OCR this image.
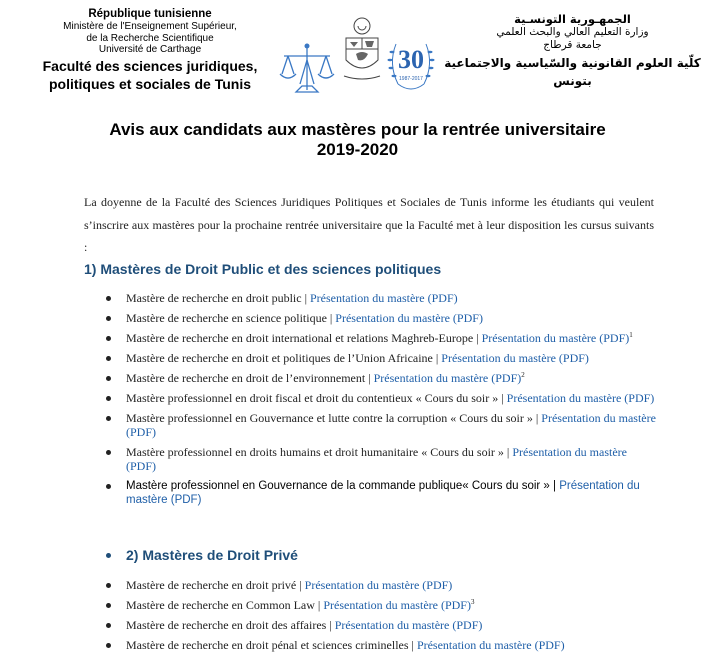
République tunisienne
Ministère de l'Enseignement Supérieur,
de la Recherche Scientifique
Université de Carthage
Faculté des sciences juridiques,
politiques et sociales de Tunis
30
1987-2017
الجمهـورية التونسـية
وزارة التعليم العالي والبحث العلمي
جامعة قرطاج
كلّية العلوم القانونية والسّياسية والاجتماعية بتونس
Avis aux candidats aux mastères pour la rentrée universitaire
2019-2020
La doyenne de la Faculté des Sciences Juridiques Politiques et Sociales de Tunis informe les étudiants qui veulent s’inscrire aux mastères pour la prochaine rentrée universitaire que la Faculté met à leur disposition les cursus suivants :
1) Mastères de Droit Public et des sciences politiques
Mastère de recherche en droit public | Présentation du mastère (PDF)
Mastère de recherche en science politique | Présentation du mastère (PDF)
Mastère de recherche en droit international et relations Maghreb-Europe | Présentation du mastère (PDF)$^1$
Mastère de recherche en droit et politiques de l’Union Africaine | Présentation du mastère (PDF)
Mastère de recherche en droit de l’environnement | Présentation du mastère (PDF)$^2$
Mastère professionnel en droit fiscal et droit du contentieux « Cours du soir » | Présentation du mastère (PDF)
Mastère professionnel en Gouvernance et lutte contre la corruption « Cours du soir » | Présentation du mastère (PDF)
Mastère professionnel en droits humains et droit humanitaire « Cours du soir » | Présentation du mastère (PDF)
Mastère professionnel en Gouvernance de la commande publique« Cours du soir » | Présentation du mastère (PDF)
2) Mastères de Droit Privé
Mastère de recherche en droit privé | Présentation du mastère (PDF)
Mastère de recherche en Common Law | Présentation du mastère (PDF)$^3$
Mastère de recherche en droit des affaires | Présentation du mastère (PDF)
Mastère de recherche en droit pénal et sciences criminelles | Présentation du mastère (PDF)
